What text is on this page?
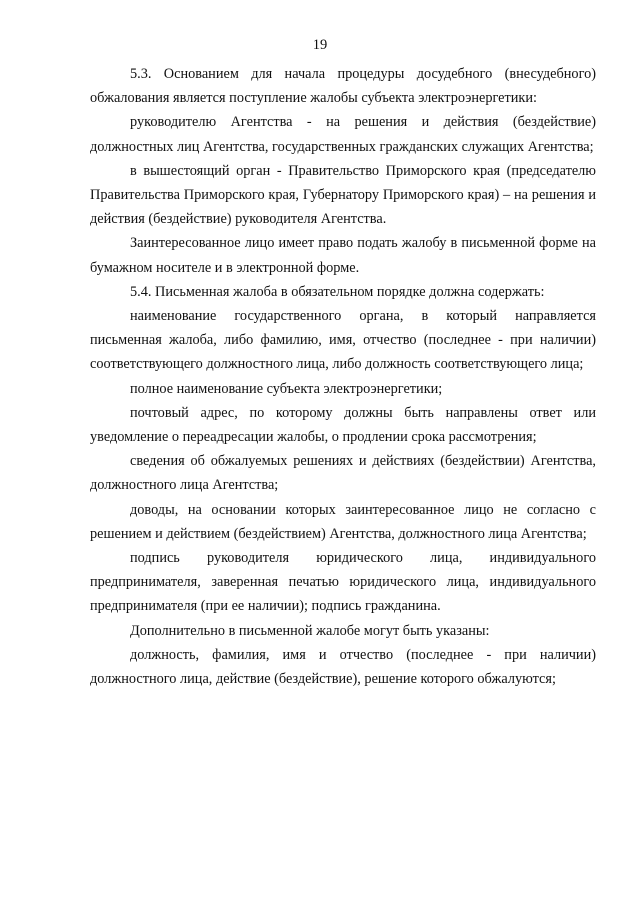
19

5.3. Основанием для начала процедуры досудебного (внесудебного) обжалования является поступление жалобы субъекта электроэнергетики:

руководителю Агентства - на решения и действия (бездействие) должностных лиц Агентства, государственных гражданских служащих Агентства;

в вышестоящий орган - Правительство Приморского края (председателю Правительства Приморского края, Губернатору Приморского края) – на решения и действия (бездействие) руководителя Агентства.

Заинтересованное лицо имеет право подать жалобу в письменной форме на бумажном носителе и в электронной форме.

5.4. Письменная жалоба в обязательном порядке должна содержать:

наименование государственного органа, в который направляется письменная жалоба, либо фамилию, имя, отчество (последнее - при наличии) соответствующего должностного лица, либо должность соответствующего лица;

полное наименование субъекта электроэнергетики;

почтовый адрес, по которому должны быть направлены ответ или уведомление о переадресации жалобы, о продлении срока рассмотрения;

сведения об обжалуемых решениях и действиях (бездействии) Агентства, должностного лица Агентства;

доводы, на основании которых заинтересованное лицо не согласно с решением и действием (бездействием) Агентства, должностного лица Агентства;

подпись руководителя юридического лица, индивидуального предпринимателя, заверенная печатью юридического лица, индивидуального предпринимателя (при ее наличии); подпись гражданина.

Дополнительно в письменной жалобе могут быть указаны:

должность, фамилия, имя и отчество (последнее - при наличии) должностного лица, действие (бездействие), решение которого обжалуются;
